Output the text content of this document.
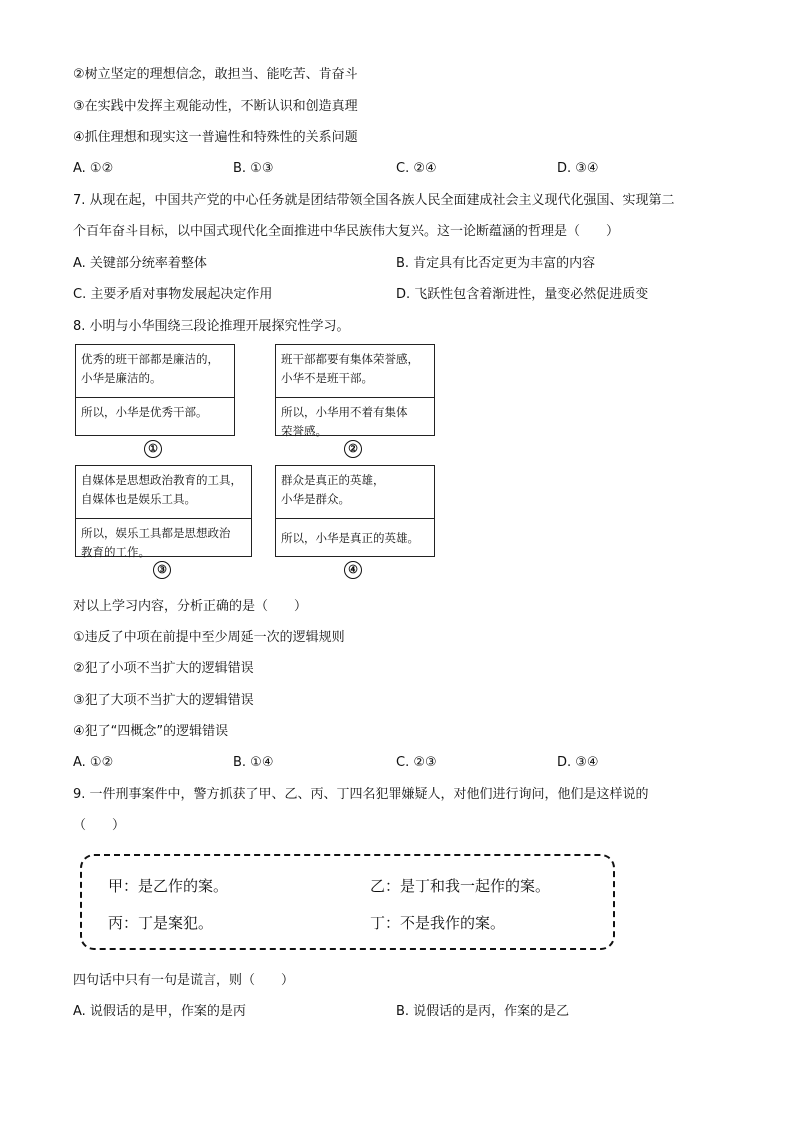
②树立坚定的理想信念，敢担当、能吃苦、肯奋斗
③在实践中发挥主观能动性，不断认识和创造真理
④抓住理想和现实这一普遍性和特殊性的关系问题
A. ①②	B. ①③	C. ②④	D. ③④
7. 从现在起，中国共产党的中心任务就是团结带领全国各族人民全面建成社会主义现代化强国、实现第二
个百年奋斗目标，以中国式现代化全面推进中华民族伟大复兴。这一论断蕴涵的哲理是（　　）
A. 关键部分统率着整体	B. 肯定具有比否定更为丰富的内容
C. 主要矛盾对事物发展起决定作用	D. 飞跃性包含着渐进性，量变必然促进质变
8. 小明与小华围绕三段论推理开展探究性学习。
优秀的班干部都是廉洁的，
小华是廉洁的。
所以，小华是优秀干部。
①
班干部都要有集体荣誉感，
小华不是班干部。
所以，小华用不着有集体
荣誉感。
②
自媒体是思想政治教育的工具，
自媒体也是娱乐工具。
所以，娱乐工具都是思想政治
教育的工作。
③
群众是真正的英雄，
小华是群众。
所以，小华是真正的英雄。
④
对以上学习内容，分析正确的是（　　）
①违反了中项在前提中至少周延一次的逻辑规则
②犯了小项不当扩大的逻辑错误
③犯了大项不当扩大的逻辑错误
④犯了“四概念”的逻辑错误
A. ①②	B. ①④	C. ②③	D. ③④
9. 一件刑事案件中，警方抓获了甲、乙、丙、丁四名犯罪嫌疑人，对他们进行询问，他们是这样说的
（　　）
甲：是乙作的案。	乙：是丁和我一起作的案。
丙：丁是案犯。	丁：不是我作的案。
四句话中只有一句是谎言，则（　　）
A. 说假话的是甲，作案的是丙	B. 说假话的是丙，作案的是乙
